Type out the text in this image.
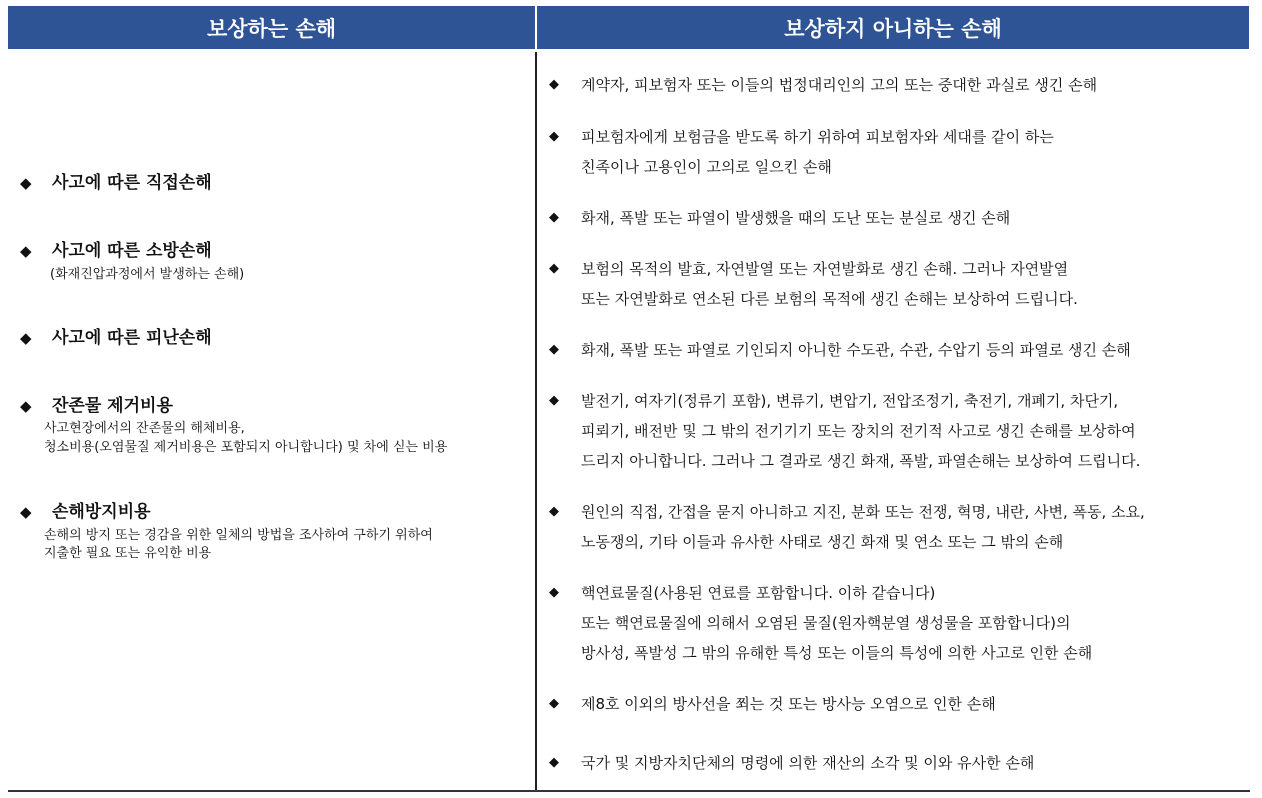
보상하는 손해	보상하지 아니하는 손해
◆	사고에 따른 직접손해
◆	사고에 따른 소방손해
(화재진압과정에서 발생하는 손해)
◆	사고에 따른 피난손해
◆	잔존물 제거비용
사고현장에서의 잔존물의 해체비용,
청소비용(오염물질 제거비용은 포함되지 아니합니다) 및 차에 싣는 비용
◆	손해방지비용
손해의 방지 또는 경감을 위한 일체의 방법을 조사하여 구하기 위하여
지출한 필요 또는 유익한 비용
◆	계약자, 피보험자 또는 이들의 법정대리인의 고의 또는 중대한 과실로 생긴 손해
◆	피보험자에게 보험금을 받도록 하기 위하여 피보험자와 세대를 같이 하는
친족이나 고용인이 고의로 일으킨 손해
◆	화재, 폭발 또는 파열이 발생했을 때의 도난 또는 분실로 생긴 손해
◆	보험의 목적의 발효, 자연발열 또는 자연발화로 생긴 손해. 그러나 자연발열
또는 자연발화로 연소된 다른 보험의 목적에 생긴 손해는 보상하여 드립니다.
◆	화재, 폭발 또는 파열로 기인되지 아니한 수도관, 수관, 수압기 등의 파열로 생긴 손해
◆	발전기, 여자기(정류기 포함), 변류기, 변압기, 전압조정기, 축전기, 개폐기, 차단기,
피뢰기, 배전반 및 그 밖의 전기기기 또는 장치의 전기적 사고로 생긴 손해를 보상하여
드리지 아니합니다. 그러나 그 결과로 생긴 화재, 폭발, 파열손해는 보상하여 드립니다.
◆	원인의 직접, 간접을 묻지 아니하고 지진, 분화 또는 전쟁, 혁명, 내란, 사변, 폭동, 소요,
노동쟁의, 기타 이들과 유사한 사태로 생긴 화재 및 연소 또는 그 밖의 손해
◆	핵연료물질(사용된 연료를 포함합니다. 이하 같습니다)
또는 핵연료물질에 의해서 오염된 물질(원자핵분열 생성물을 포함합니다)의
방사성, 폭발성 그 밖의 유해한 특성 또는 이들의 특성에 의한 사고로 인한 손해
◆	제8호 이외의 방사선을 쬐는 것 또는 방사능 오염으로 인한 손해
◆	국가 및 지방자치단체의 명령에 의한 재산의 소각 및 이와 유사한 손해
